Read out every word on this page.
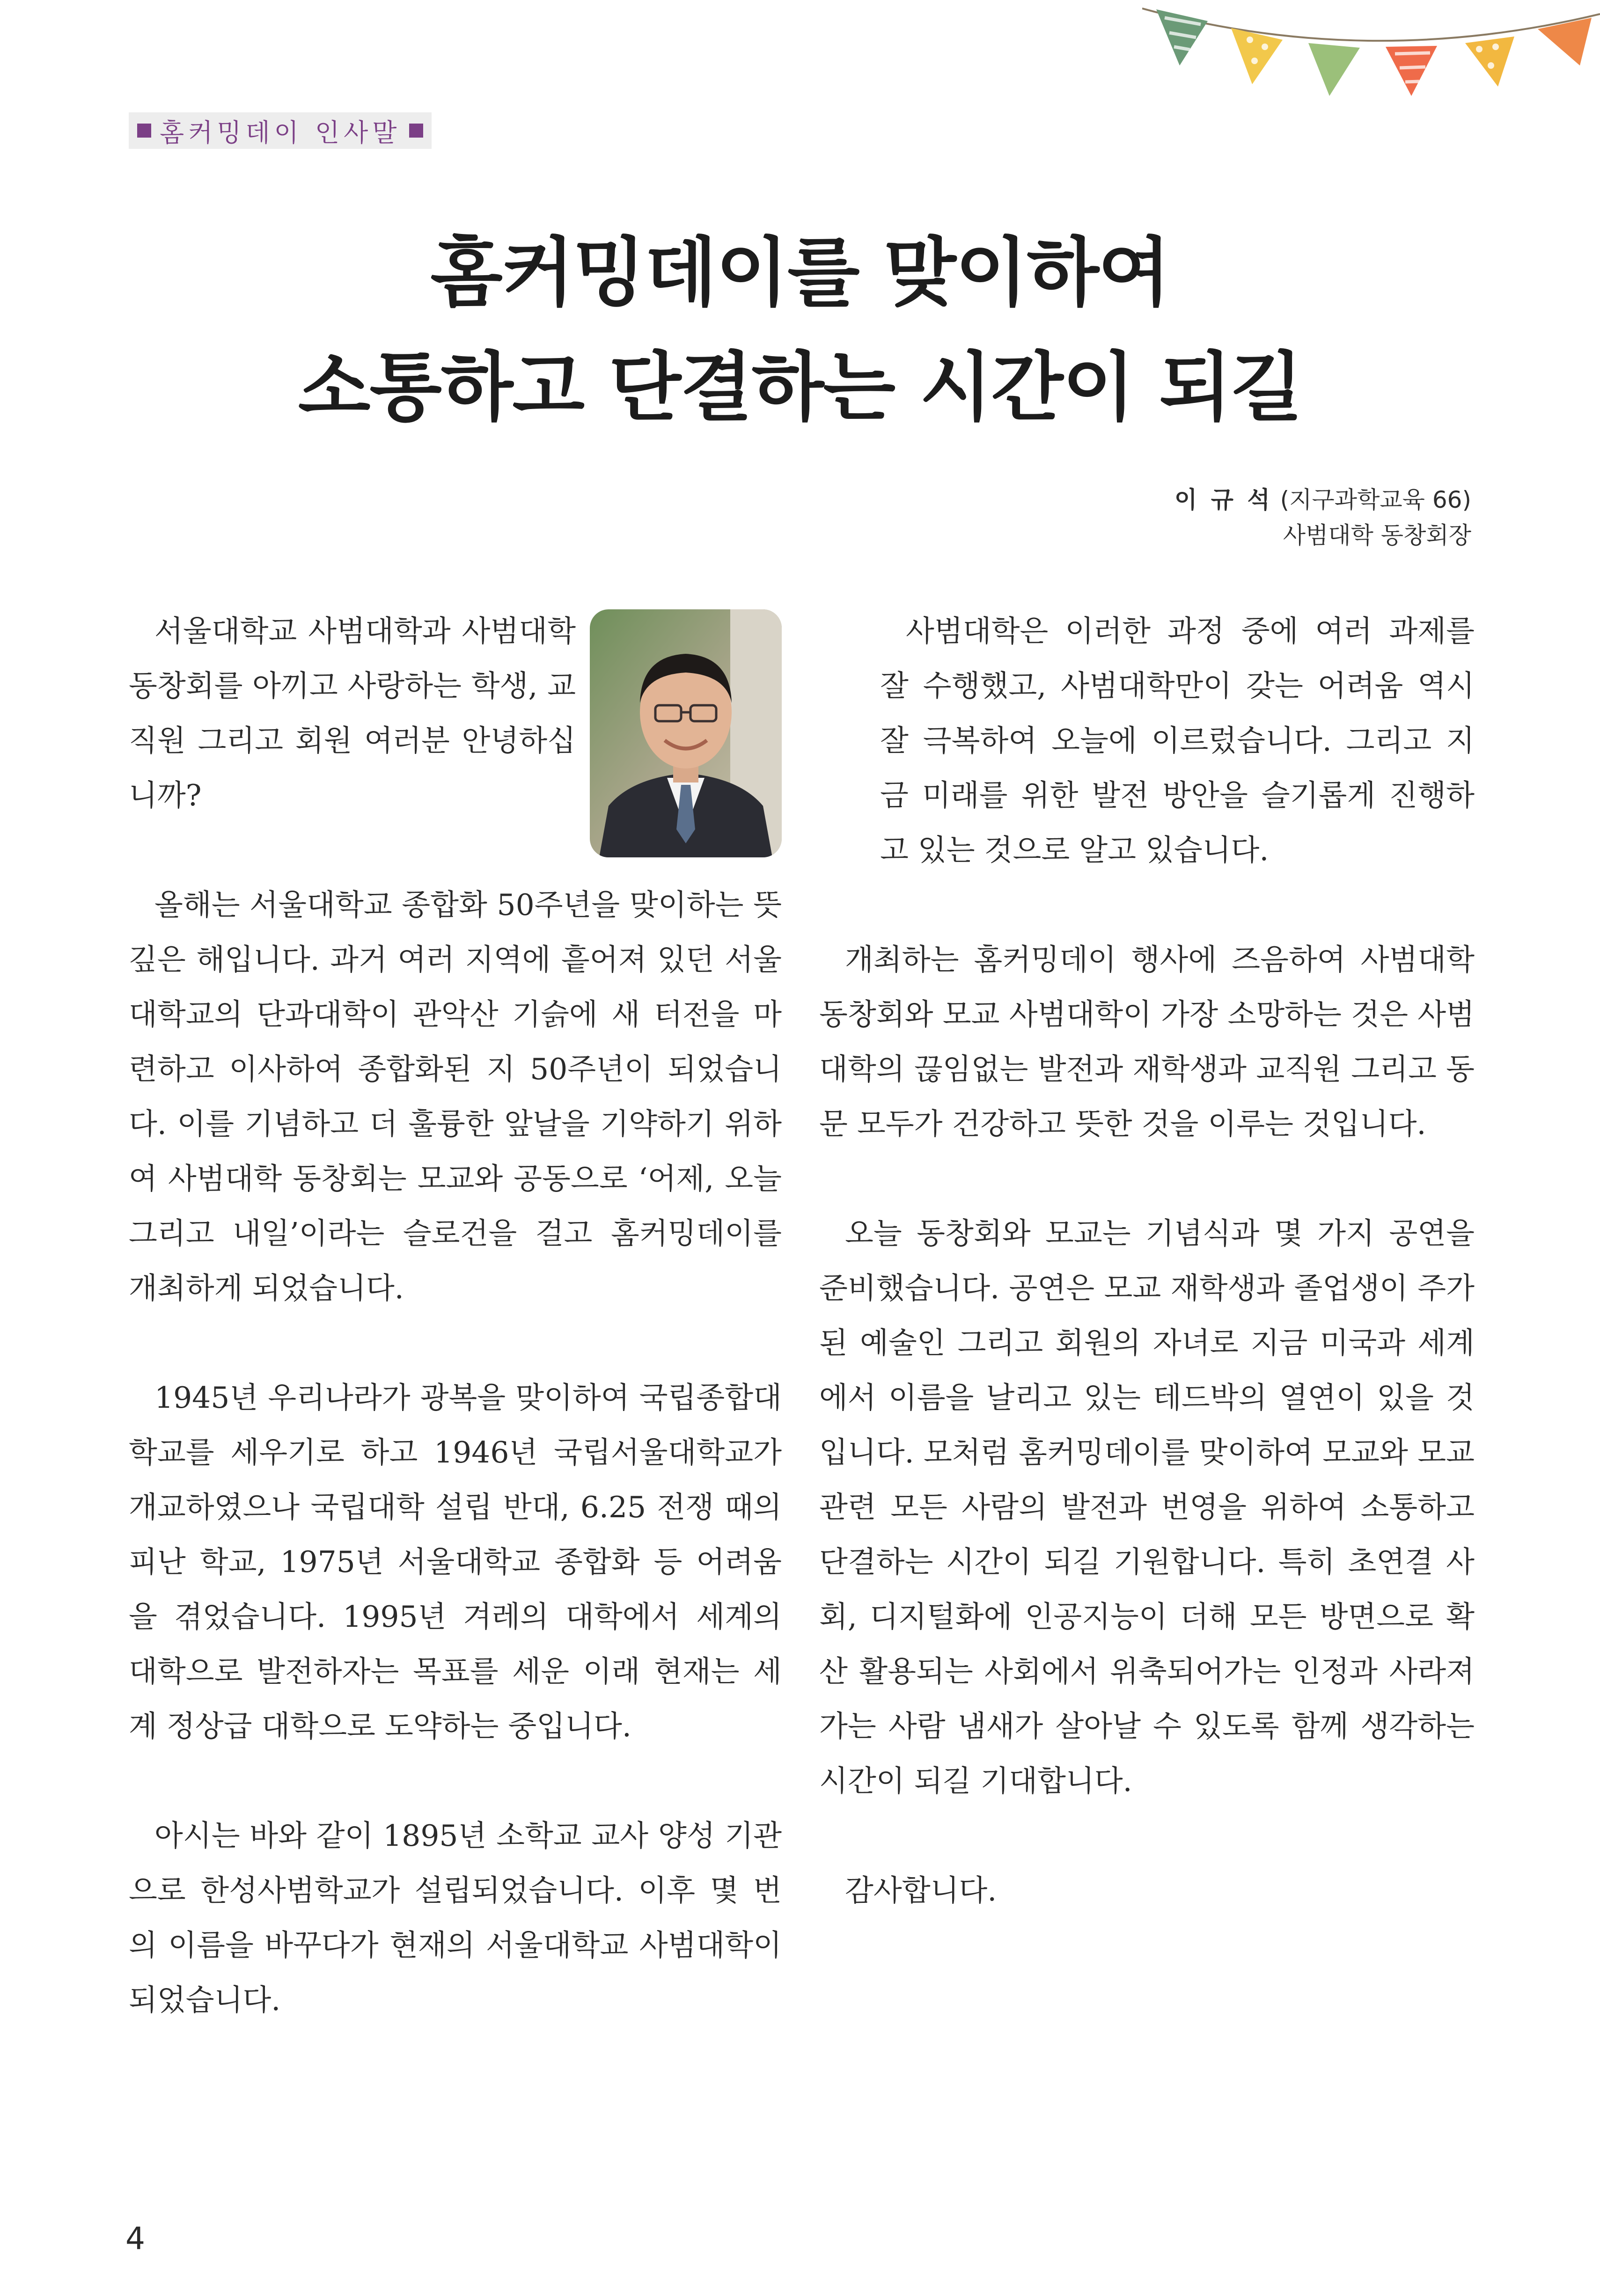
홈커밍데이 인사말
홈커밍데이를 맞이하여
소통하고 단결하는 시간이 되길
이 규 석 (지구과학교육 66)
사범대학 동창회장

서울대학교 사범대학과 사범대학 동창회를 아끼고 사랑하는 학생, 교직원 그리고 회원 여러분 안녕하십니까?

올해는 서울대학교 종합화 50주년을 맞이하는 뜻깊은 해입니다. 과거 여러 지역에 흩어져 있던 서울대학교의 단과대학이 관악산 기슭에 새 터전을 마련하고 이사하여 종합화된 지 50주년이 되었습니다. 이를 기념하고 더 훌륭한 앞날을 기약하기 위하여 사범대학 동창회는 모교와 공동으로 ‘어제, 오늘 그리고 내일’이라는 슬로건을 걸고 홈커밍데이를 개최하게 되었습니다.

1945년 우리나라가 광복을 맞이하여 국립종합대학교를 세우기로 하고 1946년 국립서울대학교가 개교하였으나 국립대학 설립 반대, 6.25 전쟁 때의 피난 학교, 1975년 서울대학교 종합화 등 어려움을 겪었습니다. 1995년 겨레의 대학에서 세계의 대학으로 발전하자는 목표를 세운 이래 현재는 세계 정상급 대학으로 도약하는 중입니다.

아시는 바와 같이 1895년 소학교 교사 양성 기관으로 한성사범학교가 설립되었습니다. 이후 몇 번의 이름을 바꾸다가 현재의 서울대학교 사범대학이 되었습니다.

사범대학은 이러한 과정 중에 여러 과제를 잘 수행했고, 사범대학만이 갖는 어려움 역시 잘 극복하여 오늘에 이르렀습니다. 그리고 지금 미래를 위한 발전 방안을 슬기롭게 진행하고 있는 것으로 알고 있습니다.

개최하는 홈커밍데이 행사에 즈음하여 사범대학 동창회와 모교 사범대학이 가장 소망하는 것은 사범대학의 끊임없는 발전과 재학생과 교직원 그리고 동문 모두가 건강하고 뜻한 것을 이루는 것입니다.

오늘 동창회와 모교는 기념식과 몇 가지 공연을 준비했습니다. 공연은 모교 재학생과 졸업생이 주가 된 예술인 그리고 회원의 자녀로 지금 미국과 세계에서 이름을 날리고 있는 테드박의 열연이 있을 것입니다. 모처럼 홈커밍데이를 맞이하여 모교와 모교 관련 모든 사람의 발전과 번영을 위하여 소통하고 단결하는 시간이 되길 기원합니다. 특히 초연결 사회, 디지털화에 인공지능이 더해 모든 방면으로 확산 활용되는 사회에서 위축되어가는 인정과 사라져가는 사람 냄새가 살아날 수 있도록 함께 생각하는 시간이 되길 기대합니다.

감사합니다.

4
